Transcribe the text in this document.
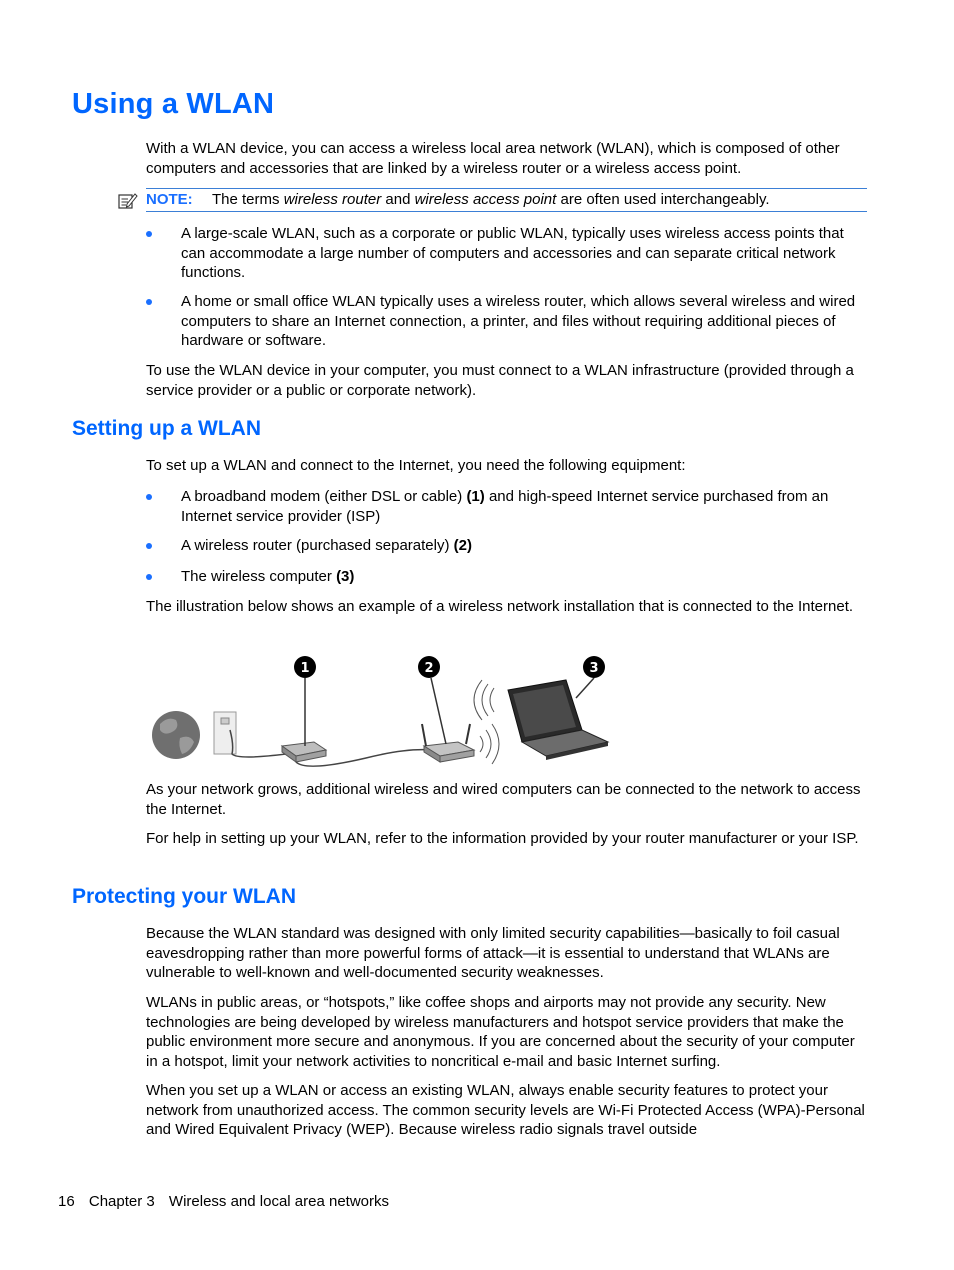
Using a WLAN

With a WLAN device, you can access a wireless local area network (WLAN), which is composed of other computers and accessories that are linked by a wireless router or a wireless access point.

NOTE: The terms wireless router and wireless access point are often used interchangeably.
A large-scale WLAN, such as a corporate or public WLAN, typically uses wireless access points that can accommodate a large number of computers and accessories and can separate critical network functions.
A home or small office WLAN typically uses a wireless router, which allows several wireless and wired computers to share an Internet connection, a printer, and files without requiring additional pieces of hardware or software.

To use the WLAN device in your computer, you must connect to a WLAN infrastructure (provided through a service provider or a public or corporate network).

Setting up a WLAN

To set up a WLAN and connect to the Internet, you need the following equipment:

A broadband modem (either DSL or cable) (1) and high-speed Internet service purchased from an Internet service provider (ISP)
A wireless router (purchased separately) (2)
The wireless computer (3)

The illustration below shows an example of a wireless network installation that is connected to the Internet.

1	2	3

As your network grows, additional wireless and wired computers can be connected to the network to access the Internet.

For help in setting up your WLAN, refer to the information provided by your router manufacturer or your ISP.

Protecting your WLAN

Because the WLAN standard was designed with only limited security capabilities—basically to foil casual eavesdropping rather than more powerful forms of attack—it is essential to understand that WLANs are vulnerable to well-known and well-documented security weaknesses.

WLANs in public areas, or “hotspots,” like coffee shops and airports may not provide any security. New technologies are being developed by wireless manufacturers and hotspot service providers that make the public environment more secure and anonymous. If you are concerned about the security of your computer in a hotspot, limit your network activities to noncritical e-mail and basic Internet surfing.

When you set up a WLAN or access an existing WLAN, always enable security features to protect your network from unauthorized access. The common security levels are Wi-Fi Protected Access (WPA)-Personal and Wired Equivalent Privacy (WEP). Because wireless radio signals travel outside

16 Chapter 3 Wireless and local area networks
